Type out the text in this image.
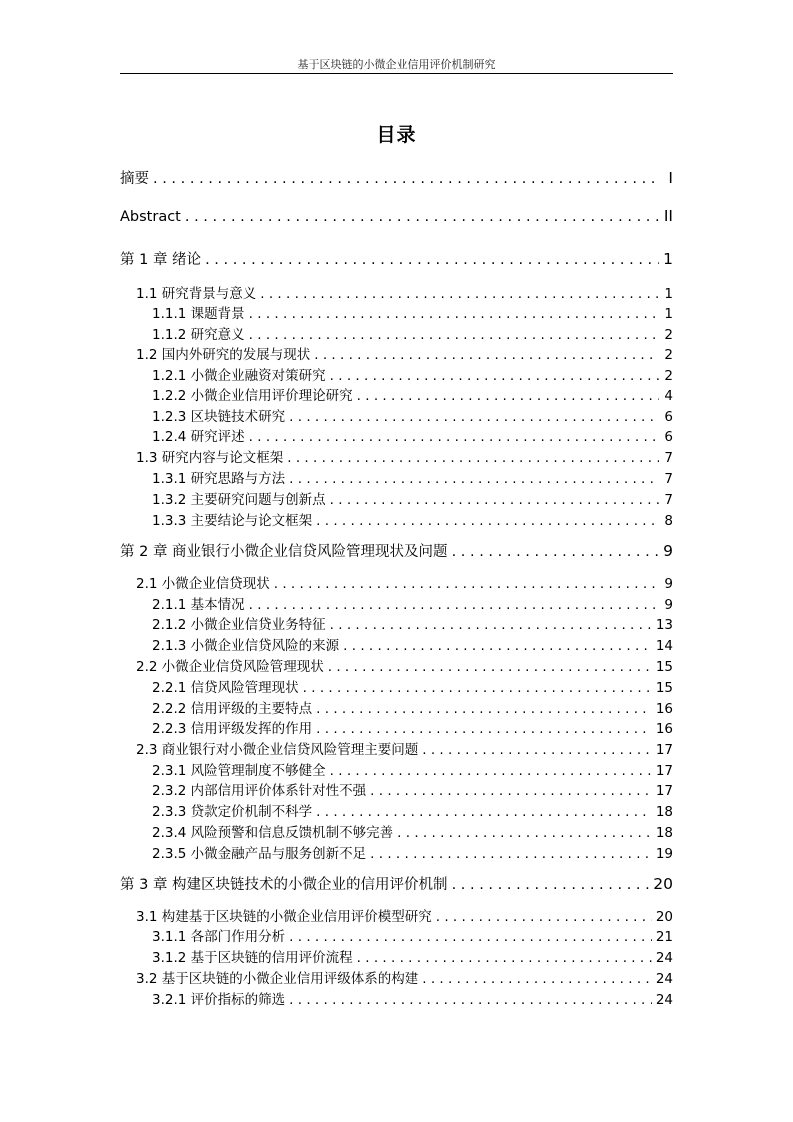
基于区块链的小微企业信用评价机制研究
目录
摘要 . . .	I
Abstract . . .	II
第 1 章 绪论 . . .	1
1.1 研究背景与意义 . . .	1
1.1.1 课题背景 . . .	1
1.1.2 研究意义 . . .	2
1.2 国内外研究的发展与现状 . . .	2
1.2.1 小微企业融资对策研究 . . .	2
1.2.2 小微企业信用评价理论研究 . . .	4
1.2.3 区块链技术研究 . . .	6
1.2.4 研究评述 . . .	6
1.3 研究内容与论文框架 . . .	7
1.3.1 研究思路与方法 . . .	7
1.3.2 主要研究问题与创新点 . . .	7
1.3.3 主要结论与论文框架 . . .	8
第 2 章 商业银行小微企业信贷风险管理现状及问题 . . .	9
2.1 小微企业信贷现状 . . .	9
2.1.1 基本情况 . . .	9
2.1.2 小微企业信贷业务特征 . . .	13
2.1.3 小微企业信贷风险的来源 . . .	14
2.2 小微企业信贷风险管理现状 . . .	15
2.2.1 信贷风险管理现状 . . .	15
2.2.2 信用评级的主要特点 . . .	16
2.2.3 信用评级发挥的作用 . . .	16
2.3 商业银行对小微企业信贷风险管理主要问题 . . .	17
2.3.1 风险管理制度不够健全 . . .	17
2.3.2 内部信用评价体系针对性不强 . . .	17
2.3.3 贷款定价机制不科学 . . .	18
2.3.4 风险预警和信息反馈机制不够完善 . . .	18
2.3.5 小微金融产品与服务创新不足 . . .	19
第 3 章 构建区块链技术的小微企业的信用评价机制 . . .	20
3.1 构建基于区块链的小微企业信用评价模型研究 . . .	20
3.1.1 各部门作用分析 . . .	21
3.1.2 基于区块链的信用评价流程 . . .	24
3.2 基于区块链的小微企业信用评级体系的构建 . . .	24
3.2.1 评价指标的筛选 . . .	24
